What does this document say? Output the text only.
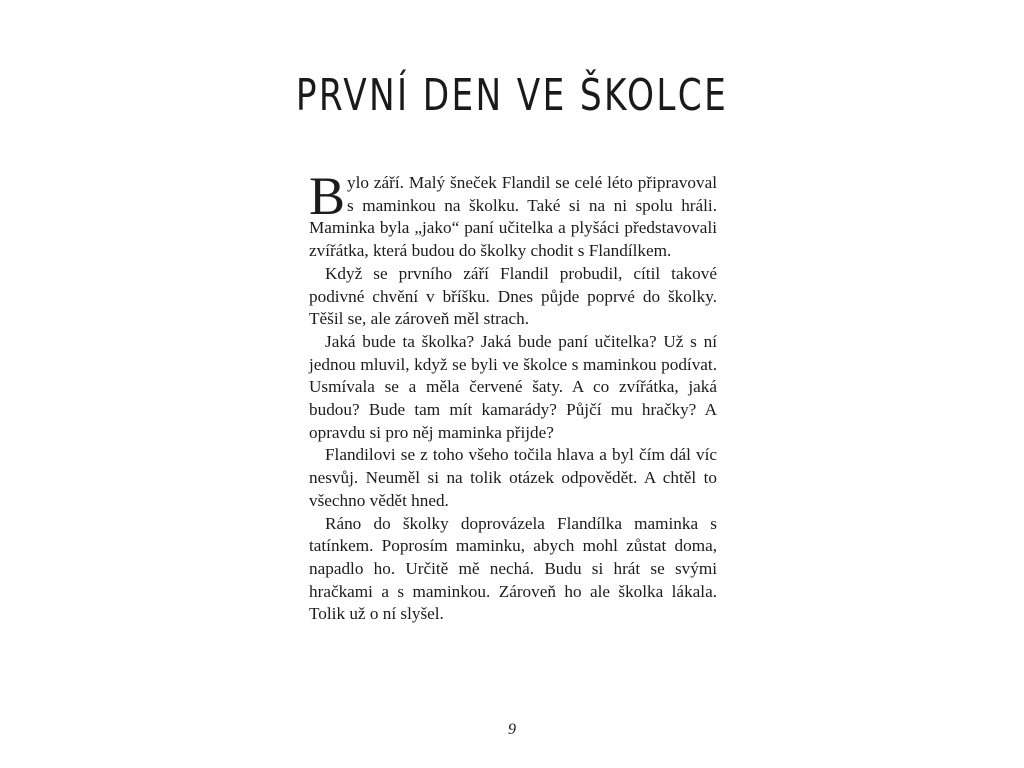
PRVNÍ DEN VE ŠKOLCE

Bylo září. Malý šneček Flandil se celé léto připravoval s maminkou na školku. Také si na ni spolu hráli. Maminka byla „jako“ paní učitelka a plyšáci představovali zvířátka, která budou do školky chodit s Flandílkem.

Když se prvního září Flandil probudil, cítil takové podivné chvění v bříšku. Dnes půjde poprvé do školky. Těšil se, ale zároveň měl strach.

Jaká bude ta školka? Jaká bude paní učitelka? Už s ní jednou mluvil, když se byli ve školce s maminkou podívat. Usmívala se a měla červené šaty. A co zvířátka, jaká budou? Bude tam mít kamarády? Půjčí mu hračky? A opravdu si pro něj maminka přijde?

Flandilovi se z toho všeho točila hlava a byl čím dál víc nesvůj. Neuměl si na tolik otázek odpovědět. A chtěl to všechno vědět hned.

Ráno do školky doprovázela Flandílka maminka s tatínkem. Poprosím maminku, abych mohl zůstat doma, napadlo ho. Určitě mě nechá. Budu si hrát se svými hračkami a s maminkou. Zároveň ho ale školka lákala. Tolik už o ní slyšel.

9
